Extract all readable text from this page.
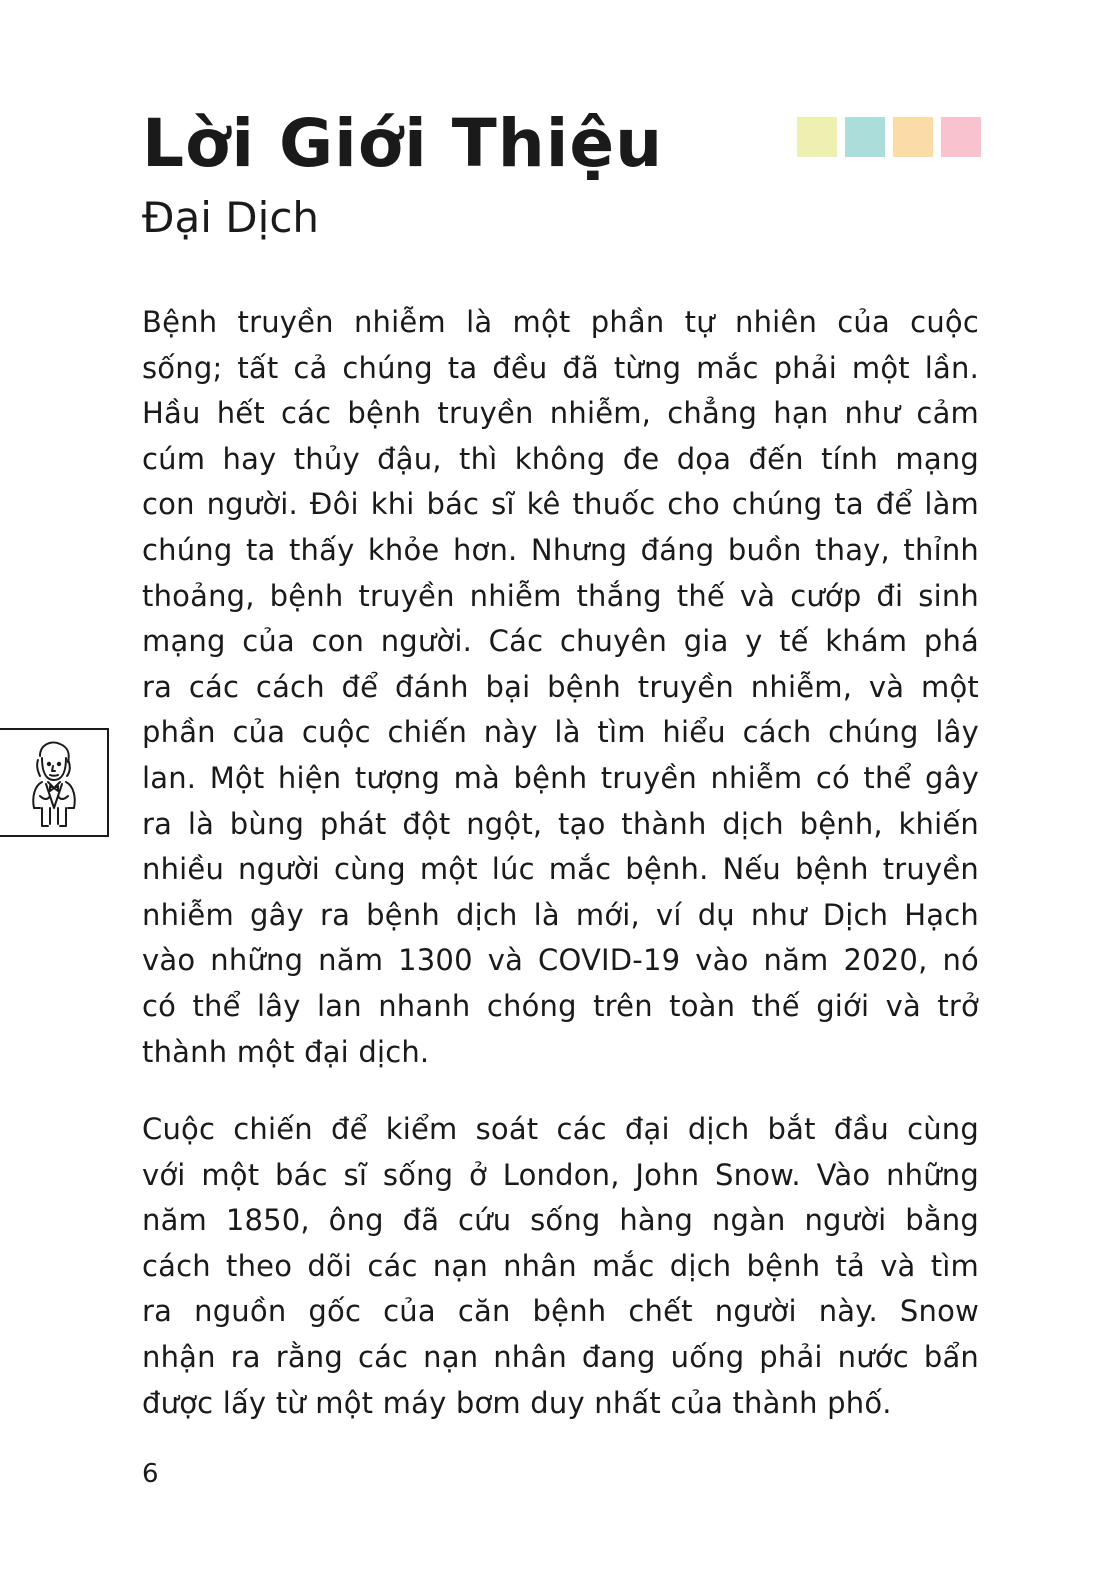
Lời Giới Thiệu
Đại Dịch
Bệnh truyền nhiễm là một phần tự nhiên của cuộc
sống; tất cả chúng ta đều đã từng mắc phải một lần.
Hầu hết các bệnh truyền nhiễm, chẳng hạn như cảm
cúm hay thủy đậu, thì không đe dọa đến tính mạng
con người. Đôi khi bác sĩ kê thuốc cho chúng ta để làm
chúng ta thấy khỏe hơn. Nhưng đáng buồn thay, thỉnh
thoảng, bệnh truyền nhiễm thắng thế và cướp đi sinh
mạng của con người. Các chuyên gia y tế khám phá
ra các cách để đánh bại bệnh truyền nhiễm, và một
phần của cuộc chiến này là tìm hiểu cách chúng lây
lan. Một hiện tượng mà bệnh truyền nhiễm có thể gây
ra là bùng phát đột ngột, tạo thành dịch bệnh, khiến
nhiều người cùng một lúc mắc bệnh. Nếu bệnh truyền
nhiễm gây ra bệnh dịch là mới, ví dụ như Dịch Hạch
vào những năm 1300 và COVID-19 vào năm 2020, nó
có thể lây lan nhanh chóng trên toàn thế giới và trở
thành một đại dịch.
Cuộc chiến để kiểm soát các đại dịch bắt đầu cùng
với một bác sĩ sống ở London, John Snow. Vào những
năm 1850, ông đã cứu sống hàng ngàn người bằng
cách theo dõi các nạn nhân mắc dịch bệnh tả và tìm
ra nguồn gốc của căn bệnh chết người này. Snow
nhận ra rằng các nạn nhân đang uống phải nước bẩn
được lấy từ một máy bơm duy nhất của thành phố.
6
